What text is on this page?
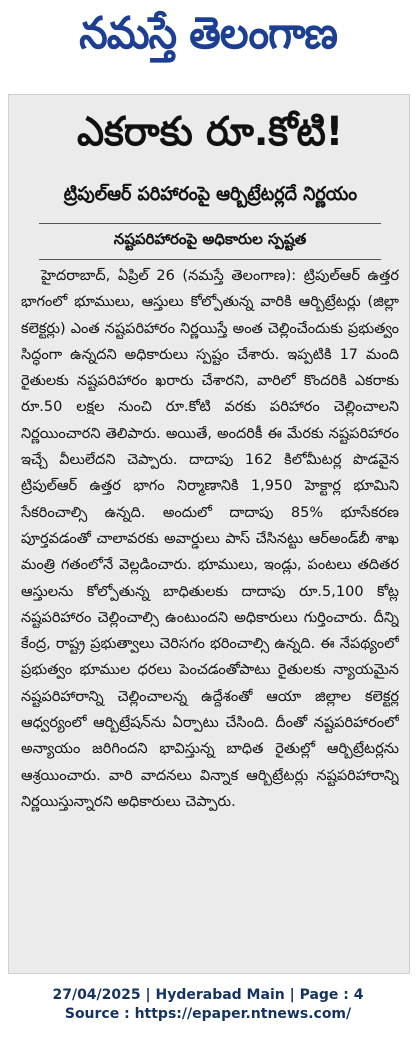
నమస్తే తెలంగాణ
ఎకరాకు రూ.కోటి!
ట్రిపుల్‌ఆర్ పరిహారంపై ఆర్బిట్రేటర్లదే నిర్ణయం
నష్టపరిహారంపై అధికారుల స్పష్టత

హైదరాబాద్, ఏప్రిల్ 26 (నమస్తే తెలంగాణ): ట్రిపుల్‌ఆర్ ఉత్తర భాగంలో భూములు, ఆస్తులు కోల్పోతున్న వారికి ఆర్బిట్రేటర్లు (జిల్లా కలెక్టర్లు) ఎంత నష్టపరిహారం నిర్ణయిస్తే అంత చెల్లించేందుకు ప్రభుత్వం సిద్ధంగా ఉన్నదని అధికారులు స్పష్టం చేశారు. ఇప్పటికి 17 మంది రైతులకు నష్టపరిహారం ఖరారు చేశారని, వారిలో కొందరికి ఎకరాకు రూ.50 లక్షల నుంచి రూ.కోటి వరకు పరిహారం చెల్లించాలని నిర్ణయించారని తెలిపారు. అయితే, అందరికీ ఈ మేరకు నష్టపరిహారం ఇచ్చే వీలులేదని చెప్పారు. దాదాపు 162 కిలోమీటర్ల పొడవైన ట్రిపుల్‌ఆర్ ఉత్తర భాగం నిర్మాణానికి 1,950 హెక్టార్ల భూమిని సేకరించాల్సి ఉన్నది. అందులో దాదాపు 85% భూసేకరణ పూర్తవడంతో చాలావరకు అవార్డులు పాస్ చేసినట్టు ఆర్‌అండ్‌బీ శాఖ మంత్రి గతంలోనే వెల్లడించారు. భూములు, ఇండ్లు, పంటలు తదితర ఆస్తులను కోల్పోతున్న బాధితులకు దాదాపు రూ.5,100 కోట్ల నష్టపరిహారం చెల్లించాల్సి ఉంటుందని అధికారులు గుర్తించారు. దీన్ని కేంద్ర, రాష్ట్ర ప్రభుత్వాలు చెరిసగం భరించాల్సి ఉన్నది. ఈ నేపథ్యంలో ప్రభుత్వం భూముల ధరలు పెంచడంతోపాటు రైతులకు న్యాయమైన నష్టపరిహారాన్ని చెల్లించాలన్న ఉద్దేశంతో ఆయా జిల్లాల కలెక్టర్ల ఆధ్వర్యంలో ఆర్బిట్రేషన్‌ను ఏర్పాటు చేసింది. దీంతో నష్టపరిహారంలో అన్యాయం జరిగిందని భావిస్తున్న బాధిత రైతుల్లో ఆర్బిట్రేటర్లను ఆశ్రయించారు. వారి వాదనలు విన్నాక ఆర్బిట్రేటర్లు నష్టపరిహారాన్ని నిర్ణయిస్తున్నారని అధికారులు చెప్పారు.

27/04/2025 | Hyderabad Main | Page : 4
Source : https://epaper.ntnews.com/
